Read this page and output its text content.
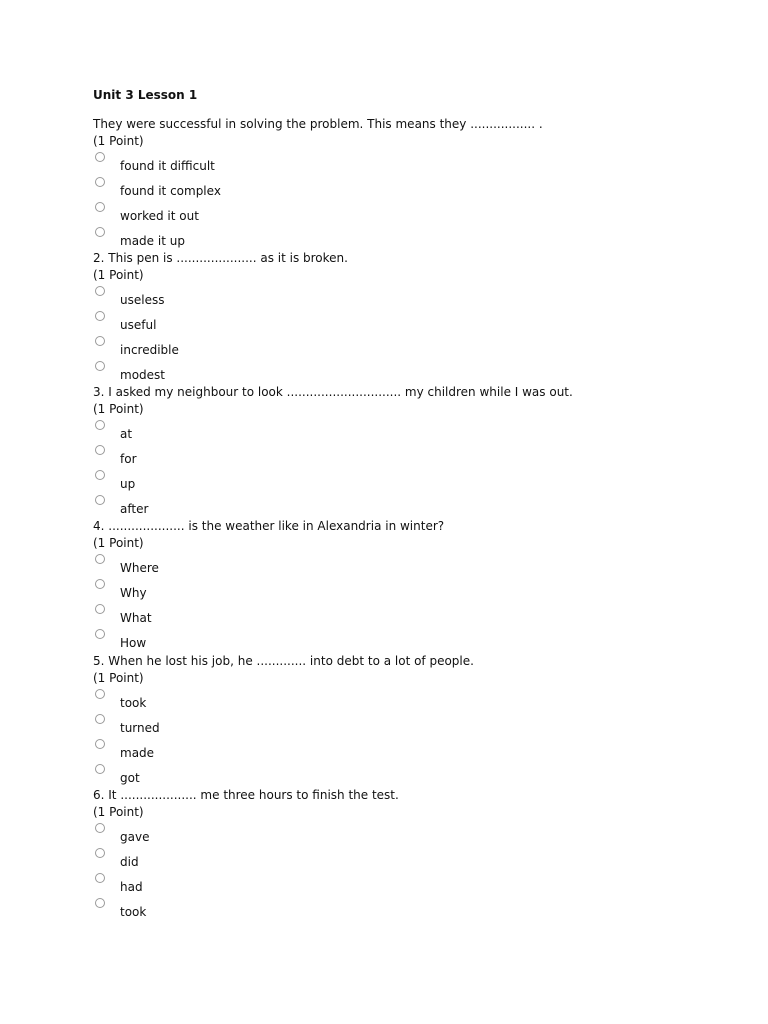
Unit 3 Lesson 1
They were successful in solving the problem. This means they ................. .
(1 Point)
found it difficult
found it complex
worked it out
made it up
2. This pen is ..................... as it is broken.
(1 Point)
useless
useful
incredible
modest
3. I asked my neighbour to look .............................. my children while I was out.
(1 Point)
at
for
up
after
4. .................... is the weather like in Alexandria in winter?
(1 Point)
Where
Why
What
How
5. When he lost his job, he ............. into debt to a lot of people.
(1 Point)
took
turned
made
got
6. It .................... me three hours to finish the test.
(1 Point)
gave
did
had
took
